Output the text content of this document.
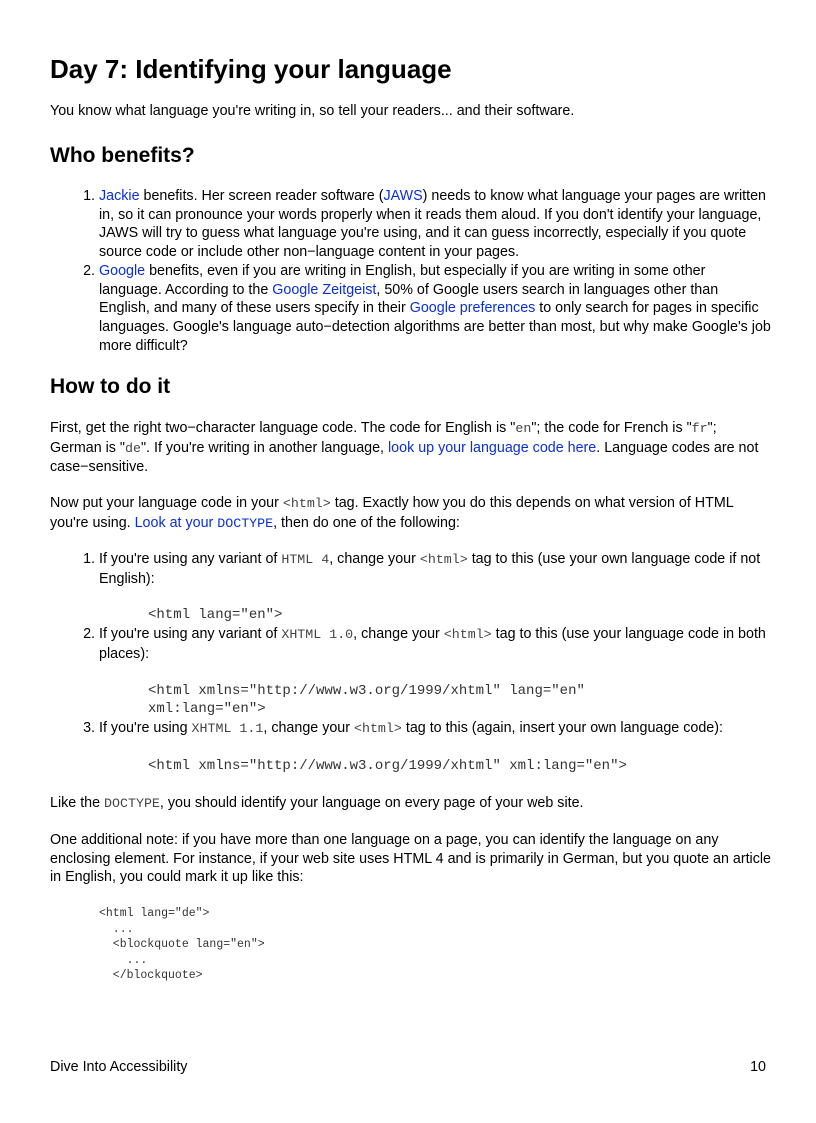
Day 7: Identifying your language

You know what language you're writing in, so tell your readers... and their software.

Who benefits?
1. Jackie benefits. Her screen reader software (JAWS) needs to know what language your pages are written in, so it can pronounce your words properly when it reads them aloud. If you don't identify your language, JAWS will try to guess what language you're using, and it can guess incorrectly, especially if you quote source code or include other non−language content in your pages.
2. Google benefits, even if you are writing in English, but especially if you are writing in some other language. According to the Google Zeitgeist, 50% of Google users search in languages other than English, and many of these users specify in their Google preferences to only search for pages in specific languages. Google's language auto−detection algorithms are better than most, but why make Google's job more difficult?
How to do it

First, get the right two−character language code. The code for English is "en"; the code for French is "fr"; German is "de". If you're writing in another language, look up your language code here. Language codes are not case−sensitive.

Now put your language code in your <html> tag. Exactly how you do this depends on what version of HTML you're using. Look at your DOCTYPE, then do one of the following:

1. If you're using any variant of HTML 4, change your <html> tag to this (use your own language code if not English):
<html lang="en">
2. If you're using any variant of XHTML 1.0, change your <html> tag to this (use your language code in both places):
<html xmlns="http://www.w3.org/1999/xhtml" lang="en"
xml:lang="en">
3. If you're using XHTML 1.1, change your <html> tag to this (again, insert your own language code):
<html xmlns="http://www.w3.org/1999/xhtml" xml:lang="en">

Like the DOCTYPE, you should identify your language on every page of your web site.

One additional note: if you have more than one language on a page, you can identify the language on any enclosing element. For instance, if your web site uses HTML 4 and is primarily in German, but you quote an article in English, you could mark it up like this:

<html lang="de">
...
<blockquote lang="en">
...
</blockquote>
Dive Into Accessibility	10
